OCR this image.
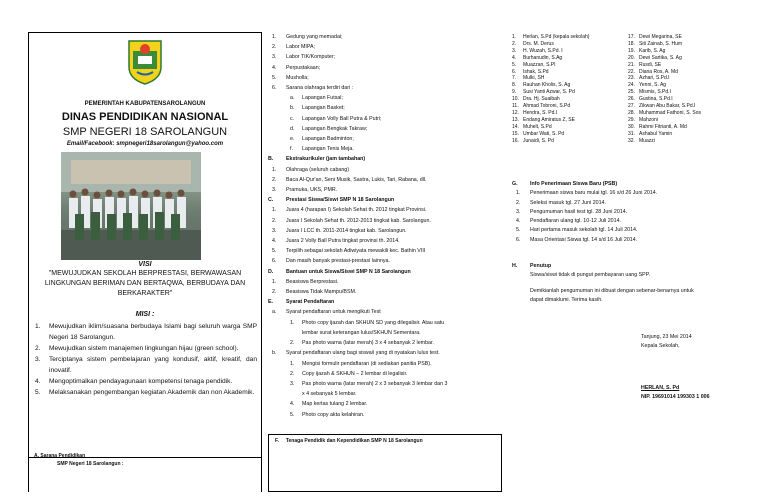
PEMERINTAH KABUPATENSAROLANGUN
DINAS PENDIDIKAN NASIONAL
SMP NEGERI 18 SAROLANGUN
Email/Facebook: smpnegeri18sarolangun@yahoo.com
VISI
"MEWUJUDKAN SEKOLAH BERPRESTASI, BERWAWASAN LINGKUNGAN BERIMAN DAN BERTAQWA, BERBUDAYA DAN BERKARAKTER"
MISI :
1.	Mewujudkan iklim/suasana berbudaya Islami bagi seluruh warga SMP Negeri 18 Sarolangun.
2.	Mewujudkan sistem manajemen lingkungan hijau (green school).
3.	Terciptanya sistem pembelajaran yang kondusif, aktif, kreatif, dan inovatif.
4.	Mengoptimalkan pendayagunaan kompetensi tenaga pendidik.
5.	Melaksanakan pengembangan kegiatan Akademik dan non Akademik.
A. Sarana Pendidikan
SMP Negeri 18 Sarolangun :
1.	Gedung yang memadai;
2.	Labor MIPA;
3.	Labor TIK/Komputer;
4.	Perpustakaan;
5.	Musholla;
6.	Sarana olahraga terdiri dari :
a.	Lapangan Futsal;
b.	Lapangan Basket;
c.	Lapangan Volly Ball Putra & Putri;
d.	Lapangan Bengkak Takraw;
e.	Lapangan Badminton;
f.	Lapangan Tenis Meja.
B.	Ekstrakurikuler (jam tambahan)
1.	Olahraga (seluruh cabang)
2.	Baca Al-Qur'an, Seni Musik, Sastra, Lukis, Tari, Rabana, dll.
3.	Pramuka, UKS, PMR.
C.	Prestasi Siswa/Siswi SMP N 18 Sarolangun
1.	Juara 4 (harapan I) Sekolah Sehat th. 2012 tingkat Provinsi.
2.	Juara I Sekolah Sehat th. 2012-2013 tingkat kab. Sarolangun.
3.	Juara I LCC th. 2011-2014 tingkat kab. Sarolangun.
4.	Juara 2 Volly Ball Putra tingkat provinsi th. 2014.
5.	Terpilih sebagai sekolah Adiwiyata mewakili kec. Bathin VIII
6.	Dan masih banyak prestasi-prestasi lainnya.
D.	Bantuan untuk Siswa/Siswi SMP N 18 Sarolangun
1.	Beasiswa Berprestasi.
2.	Beasiswa Tidak Mampu/BSM.
E.	Syarat Pendaftaran
a.	Syarat pendaftaran untuk mengikuti Test
1.	Photo copy ijazah dan SKHUN SD yang dilegalisir. Atau satu
lembar surat keterangan lulus/SKHUN Sementara.
2.	Pas photo warna (latar merah) 3 x 4 sebanyak 2 lembar.
b.	Syarat pendaftaran ulang bagi siswa/i yang di nyatakan lulus test.
1.	Mengisi formulir pendaftaran (di sediakan panitia PSB).
2.	Copy ijazah & SKHUN – 2 lembar di legalisir.
3.	Pas photo warna (latar merah) 2 x 3 sebanyak 3 lembar dan 3
x 4 sebanyak 5 lembar.
4.	Map kertas tulang 2 lembar.
5.	Photo copy akta kelahiran.
F.     Tenaga Pendidik dan Kependidikan SMP N 18 Sarolangun
1. Herlan, S.Pd (kepala sekolah)	17. Dewi Megarina, SE
2. Drs. M. Derus	18. Siti Zainab, S. Hum
3. H. Wuzah, S.Pd. I	19. Karib, S. Ag
4. Burhanudin, S.Ag	20. Dewi Sartika, S. Ag
5. Muazzan, S.PI	21. Rusdi, SE
6. Ishak, S.Pd	22. Diana Ros, A. Md
7. Mulki, SH	23. Azhari, S.Pd.I
8. Rauhan Kholis, S. Ag	24. Yenni, S. Ag
9. Susi Yanti Azwar, S. Pd	25. Mismis, S.Pd.I
10. Dra. Hj. Suaibah	26. Gustina, S.Pd.I
11. Ahmad Tobroni, S.Pd	27. Zikwan Abu Bakar, S.Pd.I
12. Hendra, S. Pd.I	28. Muhammad Fathoni, S. Sos
13. Endang Amiratus Z, SE	29. Mahzoni
14. Muhelt, S.Pd	30. Rahmi Fitrianti, A. Md
15. Umbar Wati, S. Pd	31. Ashabul Yamin
16. Junaidi, S. Pd	32. Muazzi
G.	Info Penerimaan Siswa Baru (PSB)
1.	Penerimaan siswa baru mulai tgl. 16 s/d 26 Juni 2014.
2.	Seleksi masuk tgl. 27 Juni 2014.
3.	Pengumuman hasil test tgl. 28 Juni 2014.
4.	Pendaftaran ulang tgl. 10-12 Juli 2014.
5.	Hari pertama masuk sekolah tgl. 14 Juli 2014.
6.	Masa Orientasi Siswa tgl. 14 s/d 16 Juli 2014.
H.	Penutup
Siswa/siswi tidak di pungut pembayaran uang SPP.
Demikianlah pengumuman ini dibuat dengan sebenar-benarnya untuk
dapat dimaklumi. Terima kasih.
Tanjung, 23 Mei 2014
Kepala Sekolah,
HERLAN, S. Pd
NIP. 19691014 199303 1 006
